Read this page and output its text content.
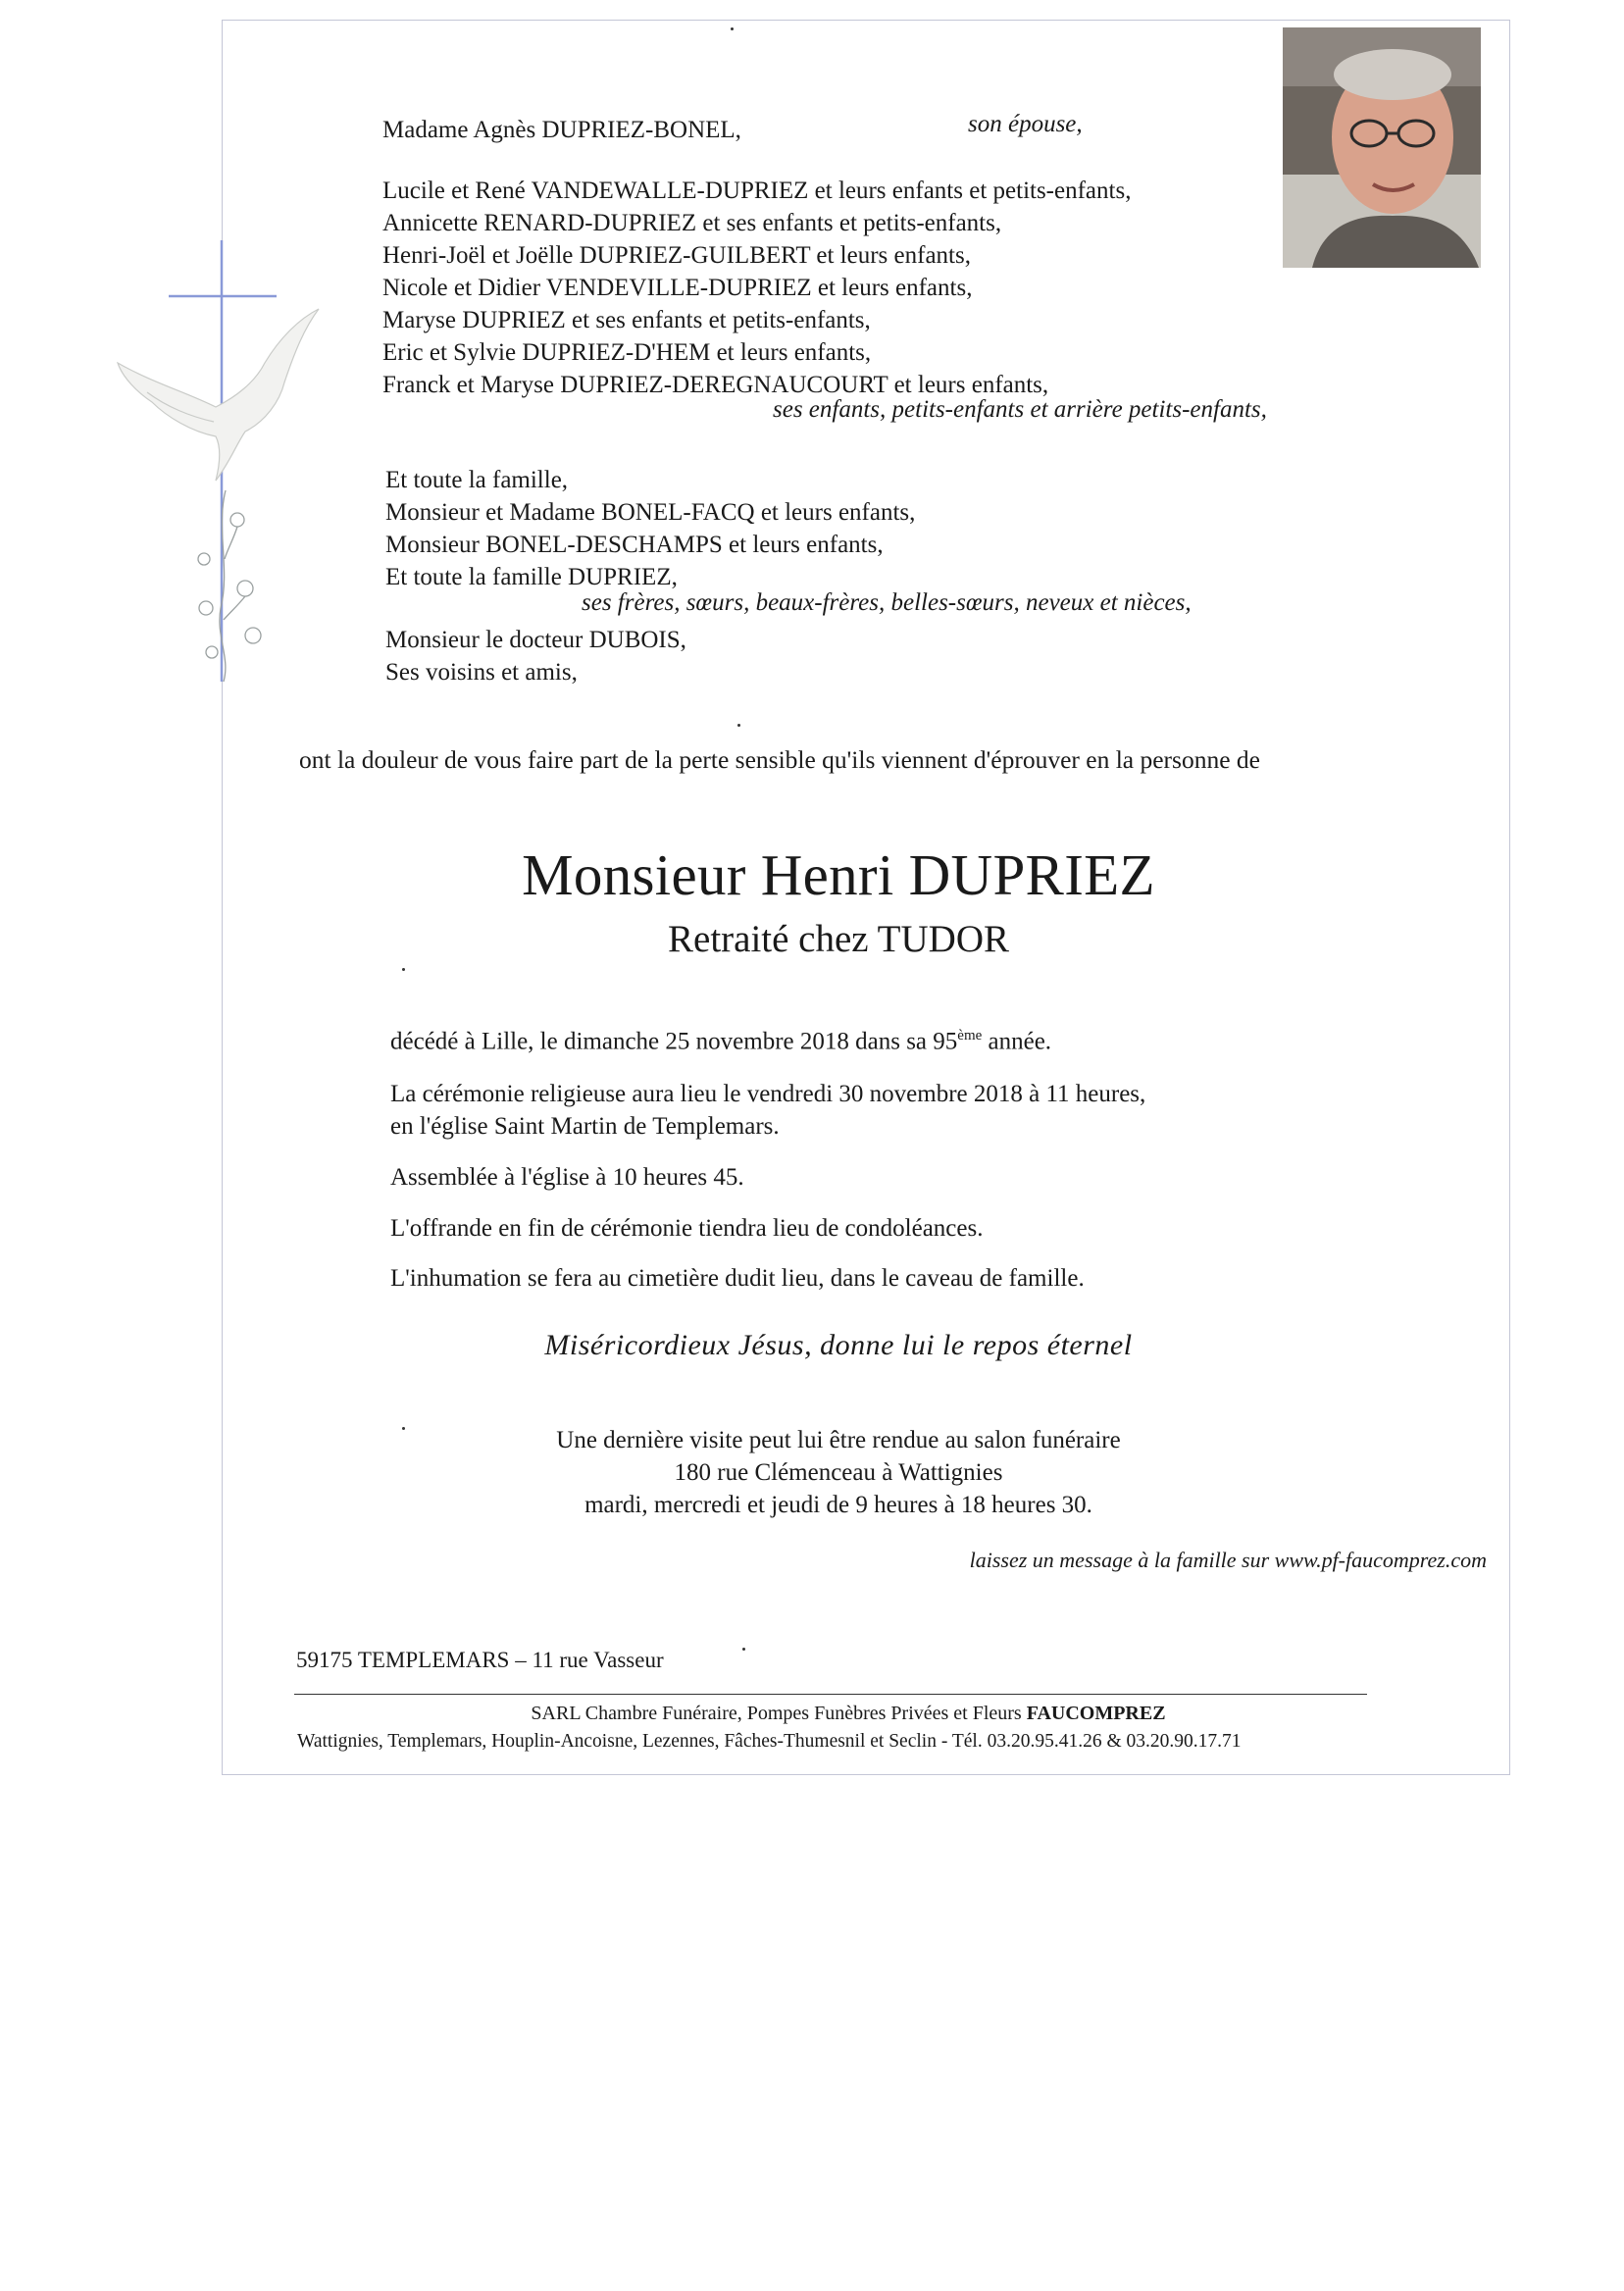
Madame Agnès DUPRIEZ-BONEL,	son épouse,
Lucile et René VANDEWALLE-DUPRIEZ et leurs enfants et petits-enfants,
Annicette RENARD-DUPRIEZ et ses enfants et petits-enfants,
Henri-Joël et Joëlle DUPRIEZ-GUILBERT et leurs enfants,
Nicole et Didier VENDEVILLE-DUPRIEZ et leurs enfants,
Maryse DUPRIEZ et ses enfants et petits-enfants,
Eric et Sylvie DUPRIEZ-D'HEM et leurs enfants,
Franck et Maryse DUPRIEZ-DEREGNAUCOURT et leurs enfants,
ses enfants, petits-enfants et arrière petits-enfants,
Et toute la famille,
Monsieur et Madame BONEL-FACQ et leurs enfants,
Monsieur BONEL-DESCHAMPS et leurs enfants,
Et toute la famille DUPRIEZ,
ses frères, sœurs, beaux-frères, belles-sœurs, neveux et nièces,
Monsieur le docteur DUBOIS,
Ses voisins et amis,
ont la douleur de vous faire part de la perte sensible qu'ils viennent d'éprouver en la personne de
Monsieur Henri DUPRIEZ
Retraité chez TUDOR
décédé à Lille, le dimanche 25 novembre 2018 dans sa 95ème année.
La cérémonie religieuse aura lieu le vendredi 30 novembre 2018 à 11 heures,
en l'église Saint Martin de Templemars.
Assemblée à l'église à 10 heures 45.
L'offrande en fin de cérémonie tiendra lieu de condoléances.
L'inhumation se fera au cimetière dudit lieu, dans le caveau de famille.
Miséricordieux Jésus, donne lui le repos éternel
Une dernière visite peut lui être rendue au salon funéraire
180 rue Clémenceau à Wattignies
mardi, mercredi et jeudi de 9 heures à 18 heures 30.
laissez un message à la famille sur www.pf-faucomprez.com
59175 TEMPLEMARS – 11 rue Vasseur
SARL Chambre Funéraire, Pompes Funèbres Privées et Fleurs FAUCOMPREZ
Wattignies, Templemars, Houplin-Ancoisne, Lezennes, Fâches-Thumesnil et Seclin - Tél. 03.20.95.41.26 & 03.20.90.17.71
